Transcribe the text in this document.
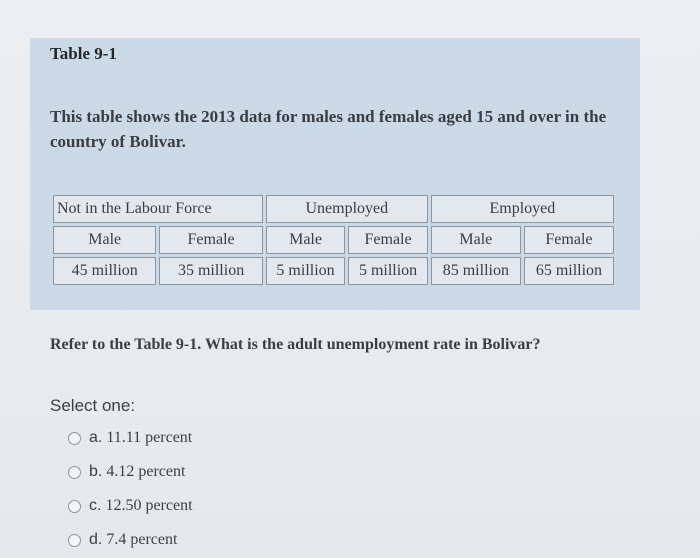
Table 9-1
This table shows the 2013 data for males and females aged 15 and over in the country of Bolivar.
Not in the Labour Force		Unemployed		Employed	
Male	Female	Male	Female	Male	Female
45 million	35 million	5 million	5 million	85 million	65 million
Refer to the Table 9-1. What is the adult unemployment rate in Bolivar?
Select one:
a. 11.11 percent
b. 4.12 percent
c. 12.50 percent
d. 7.4 percent
